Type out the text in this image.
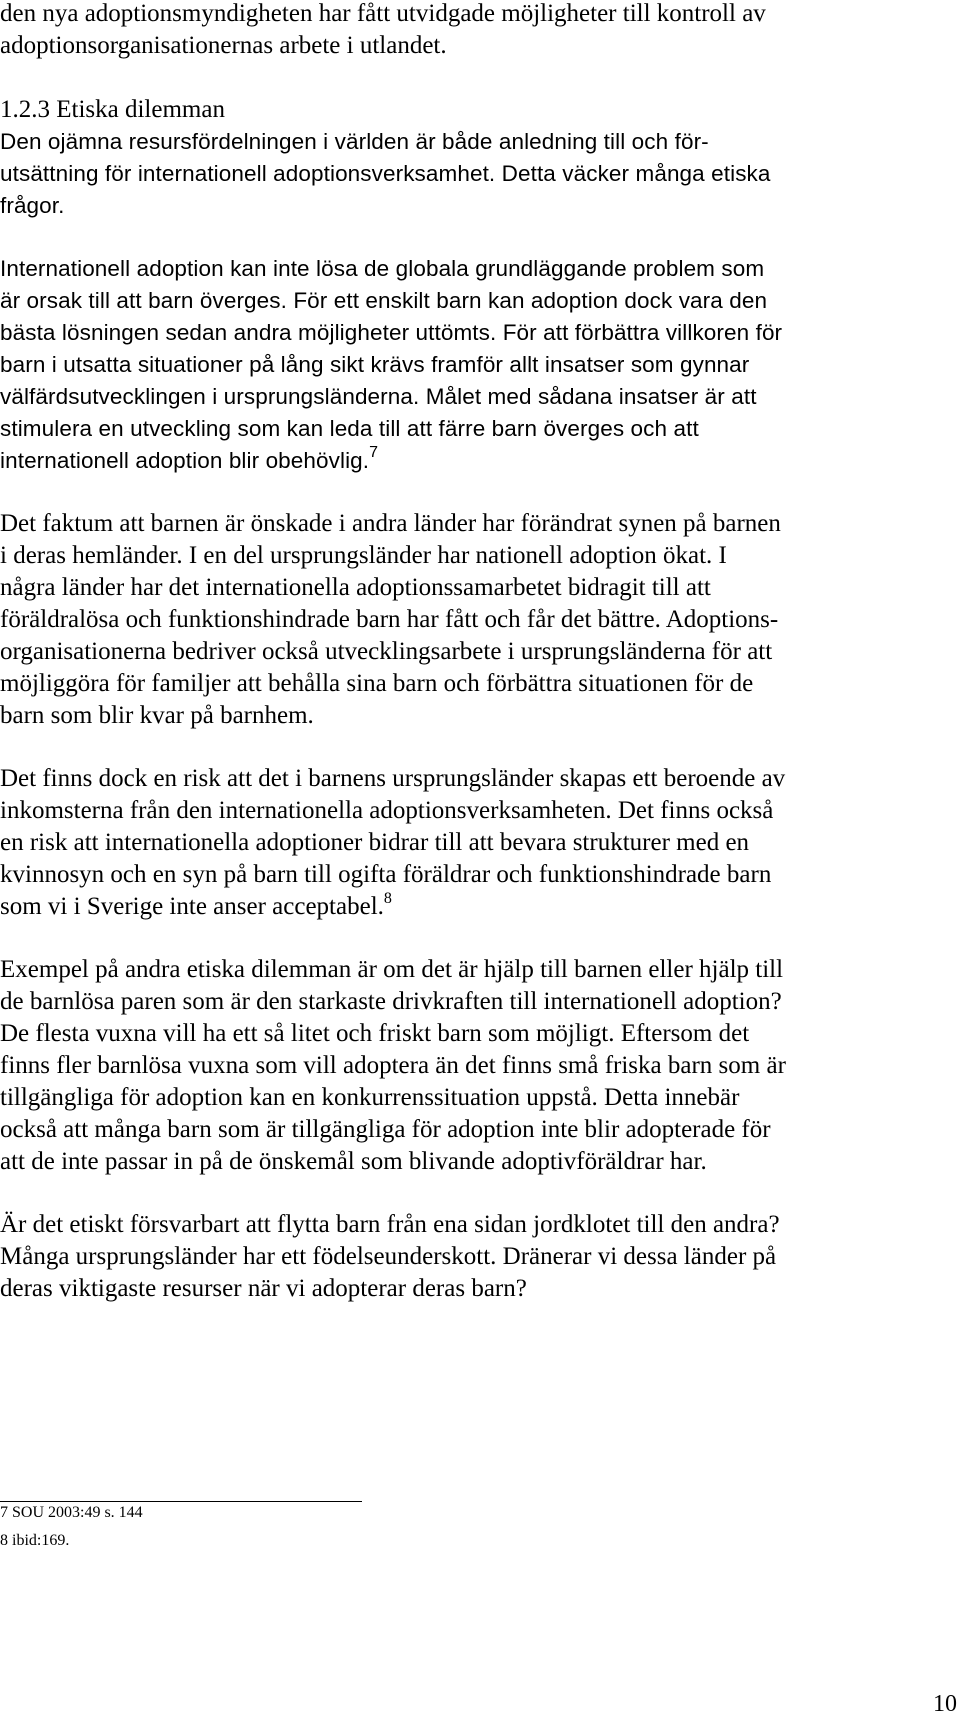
den nya adoptionsmyndigheten har fått utvidgade möjligheter till kontroll av

adoptionsorganisationernas arbete i utlandet.

1.2.3 Etiska dilemman

Den ojämna resursfördelningen i världen är både anledning till och för-

utsättning för internationell adoptionsverksamhet. Detta väcker många etiska

frågor.

Internationell adoption kan inte lösa de globala grundläggande problem som

är orsak till att barn överges. För ett enskilt barn kan adoption dock vara den

bästa lösningen sedan andra möjligheter uttömts. För att förbättra villkoren för

barn i utsatta situationer på lång sikt krävs framför allt insatser som gynnar

välfärdsutvecklingen i ursprungsländerna. Målet med sådana insatser är att

stimulera en utveckling som kan leda till att färre barn överges och att

internationell adoption blir obehövlig.$^7$

Det faktum att barnen är önskade i andra länder har förändrat synen på barnen

i deras hemländer. I en del ursprungsländer har nationell adoption ökat. I

några länder har det internationella adoptionssamarbetet bidragit till att

föräldralösa och funktionshindrade barn har fått och får det bättre. Adoptions-

organisationerna bedriver också utvecklingsarbete i ursprungsländerna för att

möjliggöra för familjer att behålla sina barn och förbättra situationen för de

barn som blir kvar på barnhem.

Det finns dock en risk att det i barnens ursprungsländer skapas ett beroende av

inkomsterna från den internationella adoptionsverksamheten. Det finns också

en risk att internationella adoptioner bidrar till att bevara strukturer med en

kvinnosyn och en syn på barn till ogifta föräldrar och funktionshindrade barn

som vi i Sverige inte anser acceptabel.$^8$

Exempel på andra etiska dilemman är om det är hjälp till barnen eller hjälp till

de barnlösa paren som är den starkaste drivkraften till internationell adoption?

De flesta vuxna vill ha ett så litet och friskt barn som möjligt. Eftersom det

finns fler barnlösa vuxna som vill adoptera än det finns små friska barn som är

tillgängliga för adoption kan en konkurrenssituation uppstå. Detta innebär

också att många barn som är tillgängliga för adoption inte blir adopterade för

att de inte passar in på de önskemål som blivande adoptivföräldrar har.

Är det etiskt försvarbart att flytta barn från ena sidan jordklotet till den andra?

Många ursprungsländer har ett födelseunderskott. Dränerar vi dessa länder på

deras viktigaste resurser när vi adopterar deras barn?

7 SOU 2003:49 s. 144

8 ibid:169.

10
